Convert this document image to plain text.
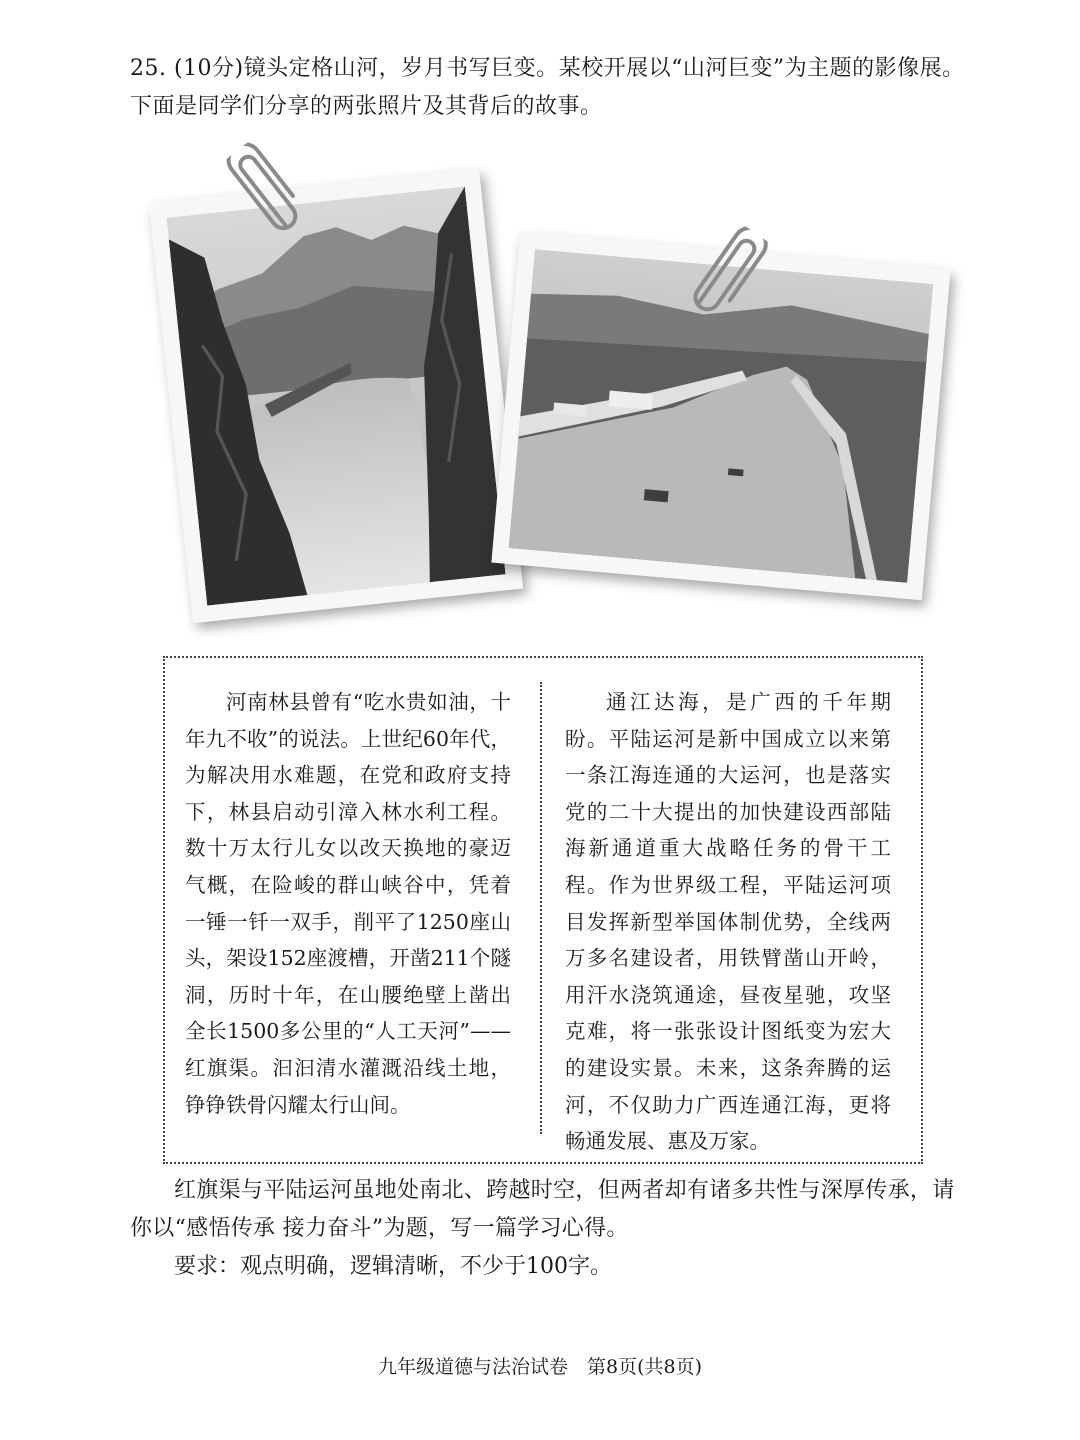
25. (10分)镜头定格山河，岁月书写巨变。某校开展以“山河巨变”为主题的影像展。下面是同学们分享的两张照片及其背后的故事。
河南林县曾有“吃水贵如油，十年九不收”的说法。上世纪60年代，为解决用水难题，在党和政府支持下，林县启动引漳入林水利工程。数十万太行儿女以改天换地的豪迈气概，在险峻的群山峡谷中，凭着一锤一钎一双手，削平了1250座山头，架设152座渡槽，开凿211个隧洞，历时十年，在山腰绝壁上凿出全长1500多公里的“人工天河”——红旗渠。汩汩清水灌溉沿线土地，铮铮铁骨闪耀太行山间。
通江达海，是广西的千年期盼。平陆运河是新中国成立以来第一条江海连通的大运河，也是落实党的二十大提出的加快建设西部陆海新通道重大战略任务的骨干工程。作为世界级工程，平陆运河项目发挥新型举国体制优势，全线两万多名建设者，用铁臂凿山开岭，用汗水浇筑通途，昼夜星驰，攻坚克难，将一张张设计图纸变为宏大的建设实景。未来，这条奔腾的运河，不仅助力广西连通江海，更将畅通发展、惠及万家。
红旗渠与平陆运河虽地处南北、跨越时空，但两者却有诸多共性与深厚传承，请你以“感悟传承 接力奋斗”为题，写一篇学习心得。
要求：观点明确，逻辑清晰，不少于100字。
九年级道德与法治试卷　第8页(共8页)
